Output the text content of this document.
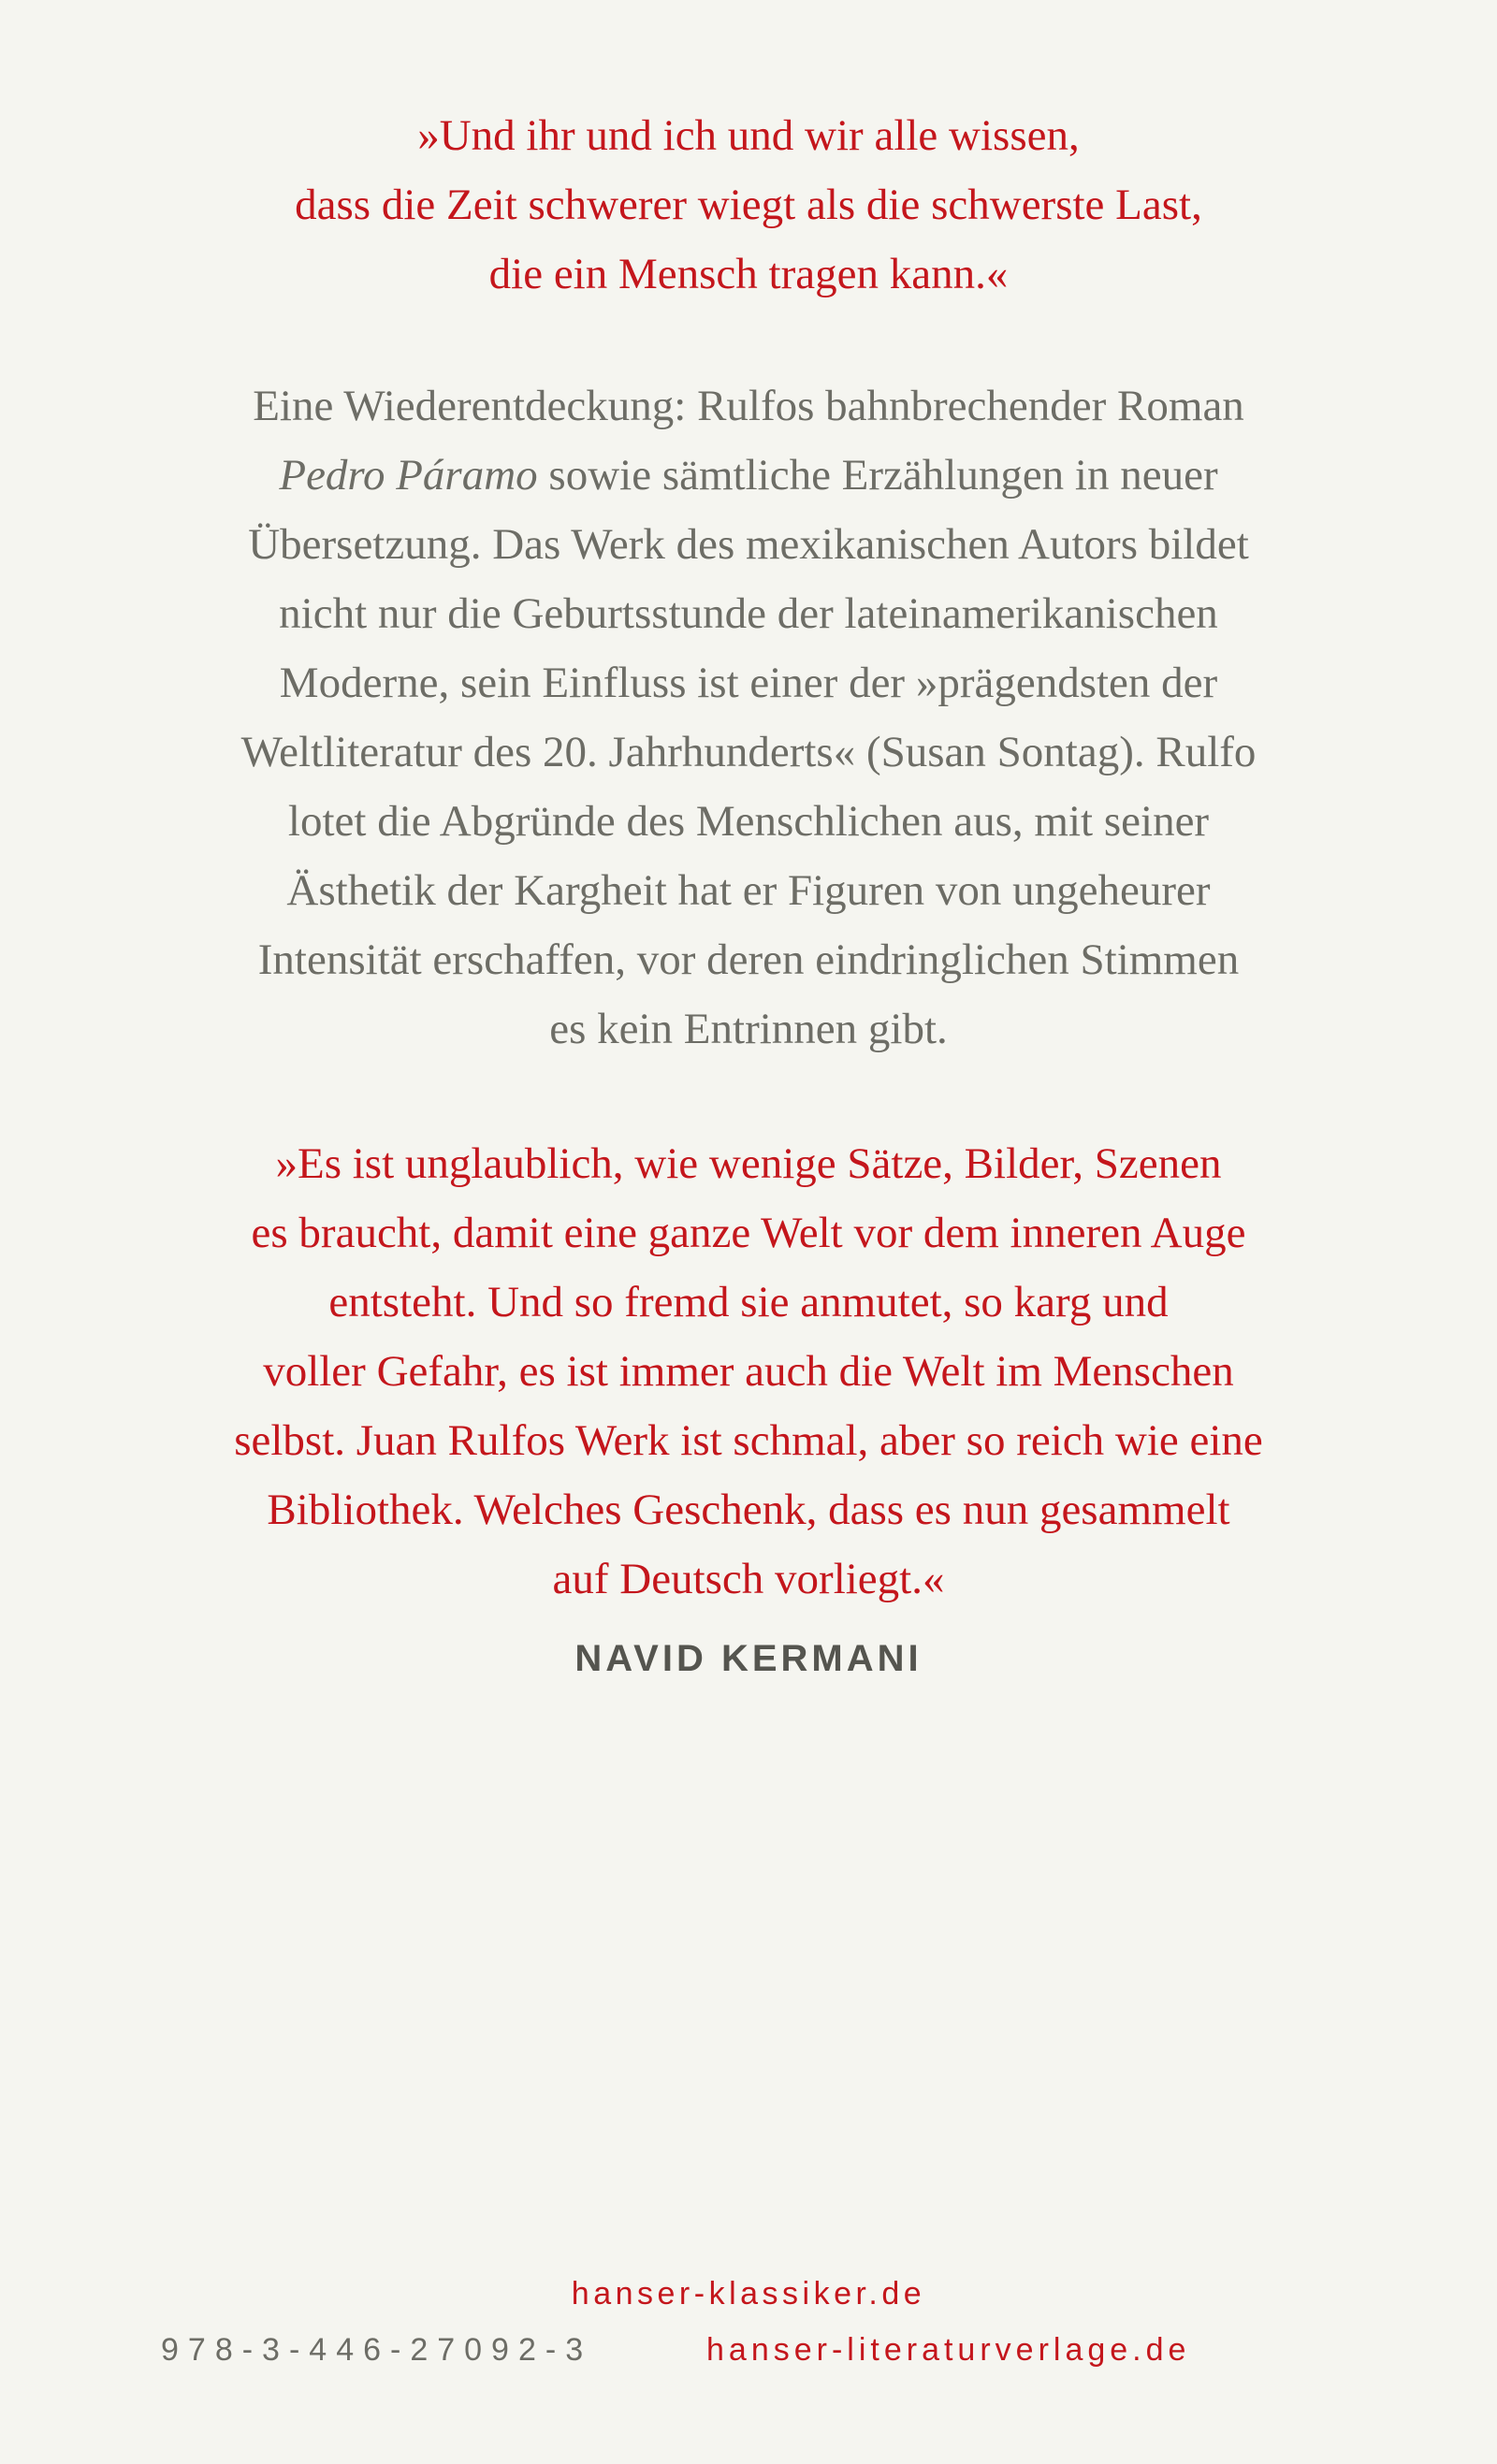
»Und ihr und ich und wir alle wissen,
dass die Zeit schwerer wiegt als die schwerste Last,
die ein Mensch tragen kann.«
Eine Wiederentdeckung: Rulfos bahnbrechender Roman
Pedro Páramo sowie sämtliche Erzählungen in neuer
Übersetzung. Das Werk des mexikanischen Autors bildet
nicht nur die Geburtsstunde der lateinamerikanischen
Moderne, sein Einfluss ist einer der »prägendsten der
Weltliteratur des 20. Jahrhunderts« (Susan Sontag). Rulfo
lotet die Abgründe des Menschlichen aus, mit seiner
Ästhetik der Kargheit hat er Figuren von ungeheurer
Intensität erschaffen, vor deren eindringlichen Stimmen
es kein Entrinnen gibt.
»Es ist unglaublich, wie wenige Sätze, Bilder, Szenen
es braucht, damit eine ganze Welt vor dem inneren Auge
entsteht. Und so fremd sie anmutet, so karg und
voller Gefahr, es ist immer auch die Welt im Menschen
selbst. Juan Rulfos Werk ist schmal, aber so reich wie eine
Bibliothek. Welches Geschenk, dass es nun gesammelt
auf Deutsch vorliegt.«
NAVID KERMANI
hanser-klassiker.de
978-3-446-27092-3	hanser-literaturverlage.de
